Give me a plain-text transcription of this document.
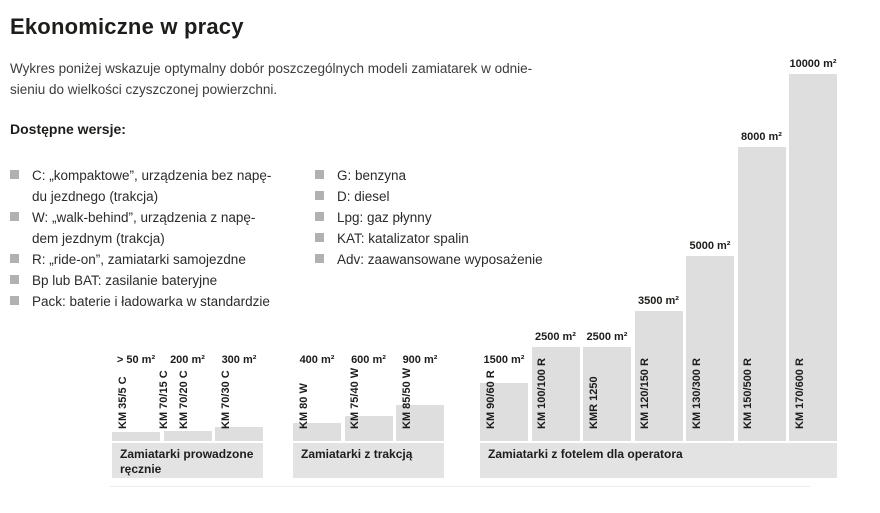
Ekonomiczne w pracy

Wykres poniżej wskazuje optymalny dobór poszczególnych modeli zamiatarek w odnie-
sieniu do wielkości czyszczonej powierzchni.

Dostępne wersje:
C: „kompaktowe”, urządzenia bez napę-
du jezdnego (trakcja)
W: „walk-behind”, urządzenia z napę-
dem jezdnym (trakcja)
R: „ride-on”, zamiatarki samojezdne
Bp lub BAT: zasilanie bateryjne
Pack: baterie i ładowarka w standardzie
G: benzyna
D: diesel
Lpg: gaz płynny
KAT: katalizator spalin
Adv: zaawansowane wyposażenie
> 50 m²
KM 35/5 C
200 m²
KM 70/15 C KM 70/20 C
300 m²
KM 70/30 C
Zamiatarki prowadzone ręcznie
400 m²
KM 80 W
600 m²
KM 75/40 W
900 m²
KM 85/50 W
Zamiatarki z trakcją
1500 m²
KM 90/60 R
2500 m²
KM 100/100 R
2500 m²
KMR 1250
3500 m²
KM 120/150 R
5000 m²
KM 130/300 R
8000 m²
KM 150/500 R
10000 m²
KM 170/600 R
Zamiatarki z fotelem dla operatora
